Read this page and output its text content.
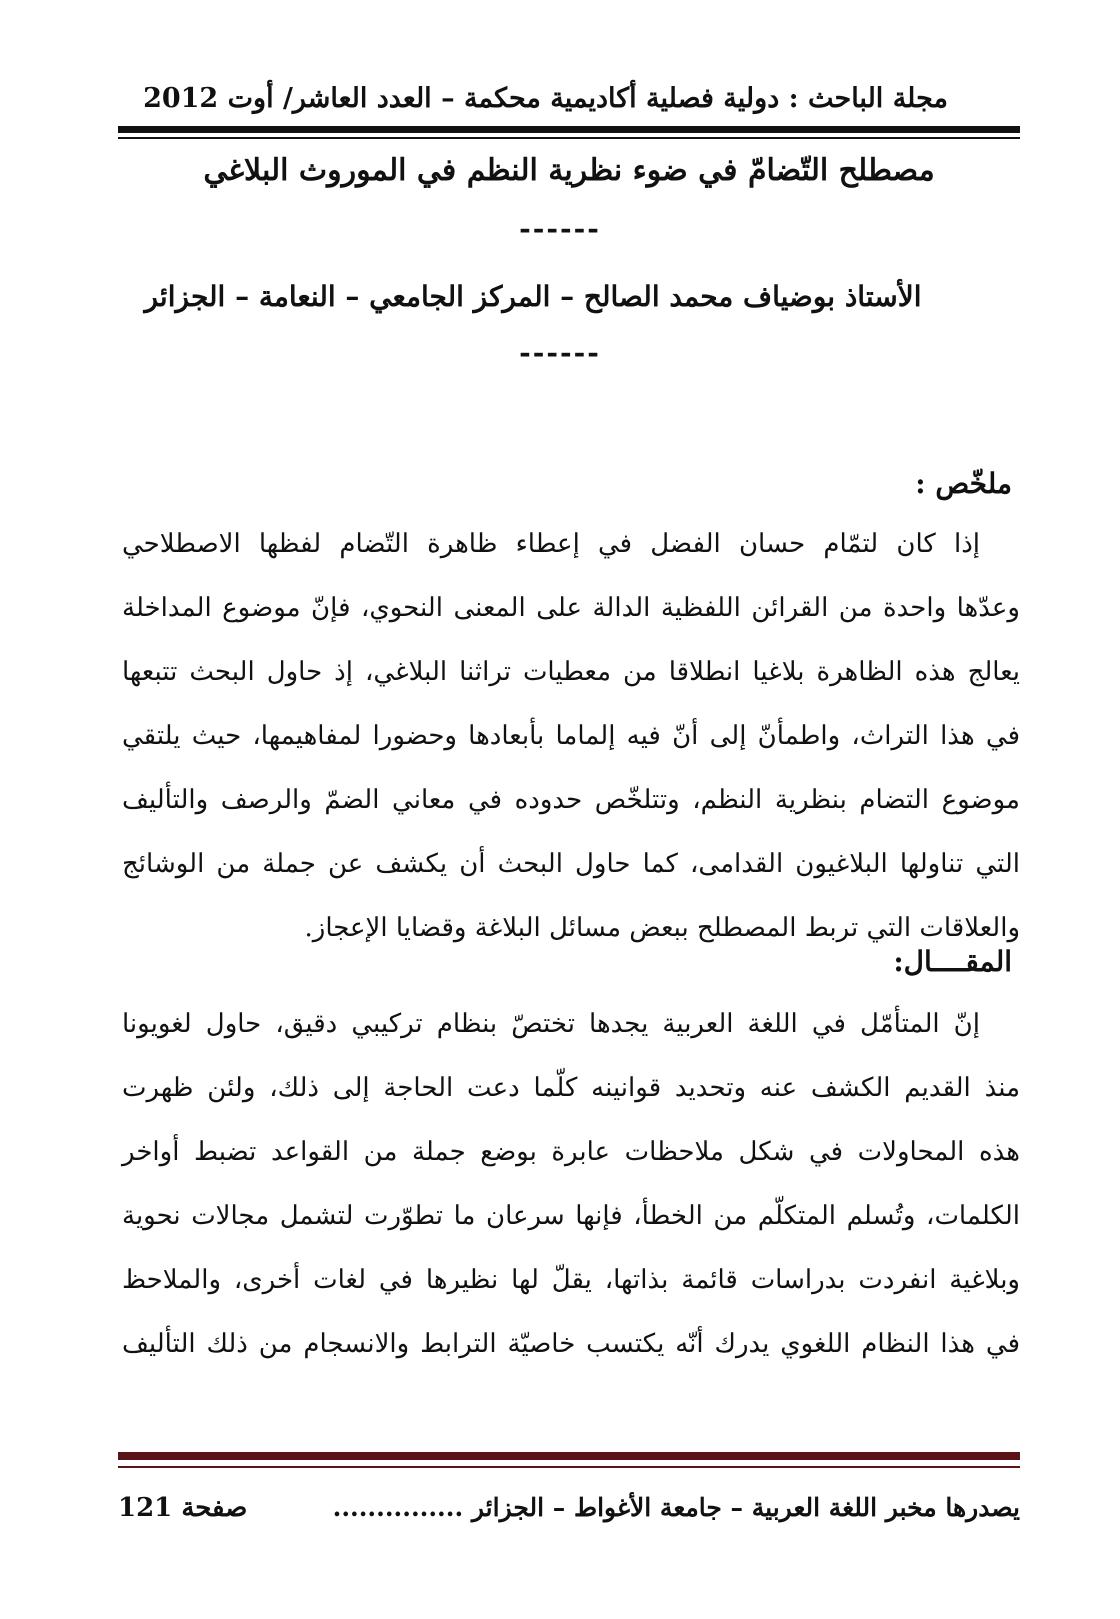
مجلة الباحث : دولية فصلية أكاديمية محكمة – العدد العاشر/ أوت 2012
مصطلح التّضامّ في ضوء نظرية النظم في الموروث البلاغي
------
الأستاذ بوضياف محمد الصالح – المركز الجامعي – النعامة – الجزائر
------
ملخّص :
إذا كان لتمّام حسان الفضل في إعطاء ظاهرة التّضام لفظها الاصطلاحي
وعدّها واحدة من القرائن اللفظية الدالة على المعنى النحوي، فإنّ موضوع المداخلة
يعالج هذه الظاهرة بلاغيا انطلاقا من معطيات تراثنا البلاغي، إذ حاول البحث تتبعها
في هذا التراث، واطمأنّ إلى أنّ فيه إلماما بأبعادها وحضورا لمفاهيمها، حيث يلتقي
موضوع التضام بنظرية النظم، وتتلخّص حدوده في معاني الضمّ والرصف والتأليف
التي تناولها البلاغيون القدامى، كما حاول البحث أن يكشف عن جملة من الوشائج
والعلاقات التي تربط المصطلح ببعض مسائل البلاغة وقضايا الإعجاز.
المقــــال:
إنّ المتأمّل في اللغة العربية يجدها تختصّ بنظام تركيبي دقيق، حاول لغويونا
منذ القديم الكشف عنه وتحديد قوانينه كلّما دعت الحاجة إلى ذلك، ولئن ظهرت
هذه المحاولات في شكل ملاحظات عابرة بوضع جملة من القواعد تضبط أواخر
الكلمات، وتُسلم المتكلّم من الخطأ، فإنها سرعان ما تطوّرت لتشمل مجالات نحوية
وبلاغية انفردت بدراسات قائمة بذاتها، يقلّ لها نظيرها في لغات أخرى، والملاحظ
في هذا النظام اللغوي يدرك أنّه يكتسب خاصيّة الترابط والانسجام من ذلك التأليف
يصدرها مخبر اللغة العربية – جامعة الأغواط – الجزائر ...............
صفحة 121
